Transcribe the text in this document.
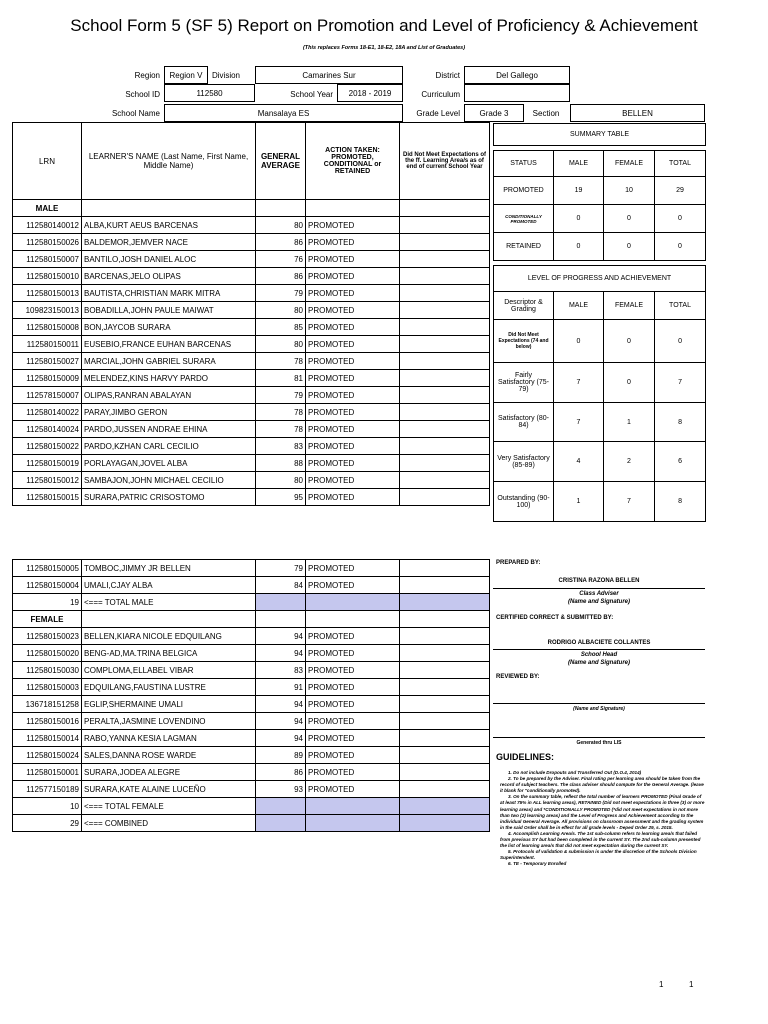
School Form 5 (SF 5) Report on Promotion and Level of Proficiency & Achievement
(This replaces Forms 18-E1, 18-E2, 18A and List of Graduates)
Region	Region V	Division	Camarines Sur	District	Del Gallego
School ID	112580	School Year	2018 - 2019	Curriculum
School Name	Mansalaya ES	Grade Level	Grade 3	Section	BELLEN
LRN	LEARNER'S NAME (Last Name, First Name, Middle Name)	GENERAL AVERAGE	ACTION TAKEN: PROMOTED, CONDITIONAL or RETAINED	Did Not Meet Expectations of the ff. Learning Area/s as of end of current School Year
MALE				
112580140012	ALBA,KURT AEUS BARCENAS	80	PROMOTED	
112580150026	BALDEMOR,JEMVER NACE	86	PROMOTED	
112580150007	BANTILO,JOSH DANIEL ALOC	76	PROMOTED	
112580150010	BARCENAS,JELO OLIPAS	86	PROMOTED	
112580150013	BAUTISTA,CHRISTIAN MARK MITRA	79	PROMOTED	
109823150013	BOBADILLA,JOHN PAULE MAIWAT	80	PROMOTED	
112580150008	BON,JAYCOB SURARA	85	PROMOTED	
112580150011	EUSEBIO,FRANCE EUHAN BARCENAS	80	PROMOTED	
112580150027	MARCIAL,JOHN GABRIEL SURARA	78	PROMOTED	
112580150009	MELENDEZ,KINS HARVY PARDO	81	PROMOTED	
112578150007	OLIPAS,RANRAN ABALAYAN	79	PROMOTED	
112580140022	PARAY,JIMBO GERON	78	PROMOTED	
112580140024	PARDO,JUSSEN ANDRAE EHINA	78	PROMOTED	
112580150022	PARDO,KZHAN CARL CECILIO	83	PROMOTED	
112580150019	PORLAYAGAN,JOVEL ALBA	88	PROMOTED	
112580150012	SAMBAJON,JOHN MICHAEL CECILIO	80	PROMOTED	
112580150015	SURARA,PATRIC CRISOSTOMO	95	PROMOTED	
112580150005	TOMBOC,JIMMY JR BELLEN	79	PROMOTED	
112580150004	UMALI,CJAY ALBA	84	PROMOTED	
19	<=== TOTAL MALE			
FEMALE				
112580150023	BELLEN,KIARA NICOLE EDQUILANG	94	PROMOTED	
112580150020	BENG-AD,MA.TRINA BELGICA	94	PROMOTED	
112580150030	COMPLOMA,ELLABEL VIBAR	83	PROMOTED	
112580150003	EDQUILANG,FAUSTINA LUSTRE	91	PROMOTED	
136718151258	EGLIP,SHERMAINE UMALI	94	PROMOTED	
112580150016	PERALTA,JASMINE LOVENDINO	94	PROMOTED	
112580150014	RABO,YANNA KESIA LAGMAN	94	PROMOTED	
112580150024	SALES,DANNA ROSE WARDE	89	PROMOTED	
112580150001	SURARA,JODEA ALEGRE	86	PROMOTED	
112577150189	SURARA,KATE ALAINE LUCEÑO	93	PROMOTED	
10	<=== TOTAL FEMALE			
29	<=== COMBINED			
SUMMARY TABLE			

STATUS	MALE	FEMALE	TOTAL
PROMOTED	19	10	29
CONDITIONALLY PROMOTED	0	0	0
RETAINED	0	0	0
LEVEL OF PROGRESS AND ACHIEVEMENT			
Descriptor & Grading	MALE	FEMALE	TOTAL
Did Not Meet Expectations (74 and below)	0	0	0
Fairly Satisfactory (75-79)	7	0	7
Satisfactory (80-84)	7	1	8
Very Satisfactory (85-89)	4	2	6
Outstanding (90-100)	1	7	8
PREPARED BY:
CRISTINA RAZONA BELLEN
Class Adviser
(Name and Signature)
CERTIFIED CORRECT & SUBMITTED BY:
RODRIGO ALBACIETE COLLANTES
School Head
(Name and Signature)
REVIEWED BY:
(Name and Signature)
Generated thru LIS
GUIDELINES:

1. Do not include Dropouts and Transferred Out (D.O.4, 2014)

2. To be prepared by the Adviser. Final rating per learning area should be taken from the record of subject teachers. The class adviser should compute for the General Average. (leave it blank for "conditionally promoted).

3. On the summary table, reflect the total number of learners PROMOTED (Final Grade of at least 75% in ALL learning areas), RETAINED (Did not meet expectations in three (3) or more learning areas) and *CONDITIONALLY PROMOTED (*did not meet expectations in not more than two (2) learning areas) and the Level of Progress and Achievement according to the individual General Average. All provisions on classroom assessment and the grading system in the said Order shall be in effect for all grade levels - Deped Order 29, s. 2015.

4. Accomplish Learning Area/s. The 1st sub-column refers to learning area/s that failed from previous SY but had been completed in the current SY. The 2nd sub-column presented the list of learning area/s that did not meet expectation during the current SY.

5. Protocols of validation & submission is under the discretion of the Schools Division Superintendent.

6. TE - Temporary Enrolled

1	1
